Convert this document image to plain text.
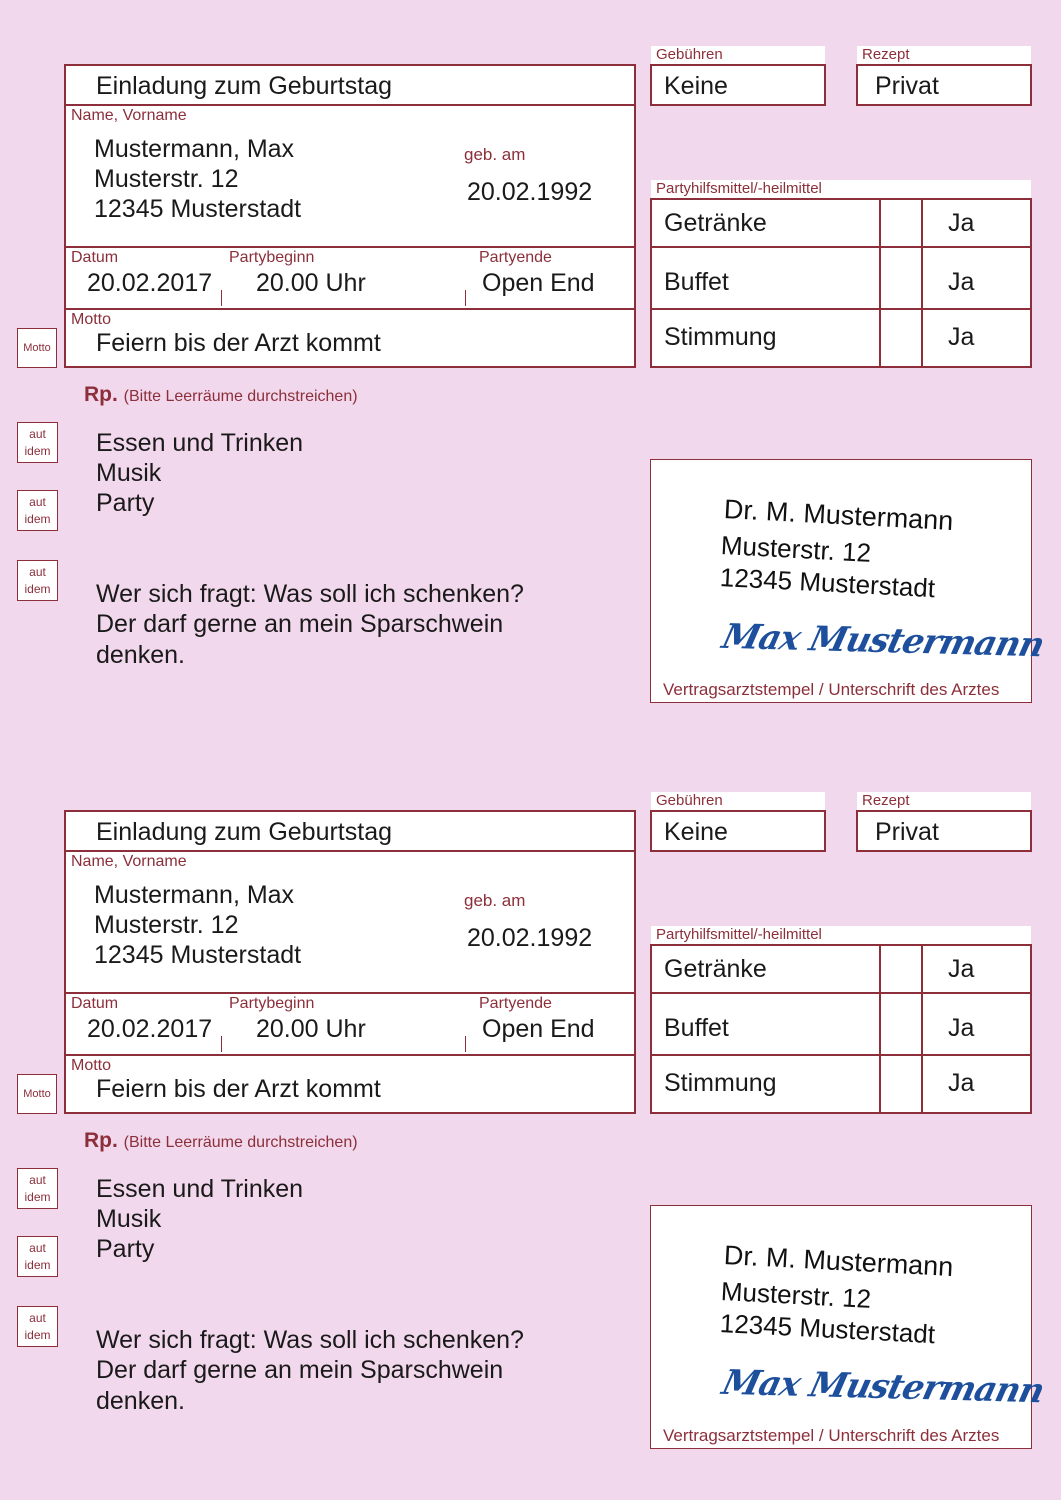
Einladung zum Geburtstag
Name, Vorname
Mustermann, Max
Musterstr. 12
12345 Musterstadt
geb. am
20.02.1992
Datum
20.02.2017
Partybeginn
20.00 Uhr
Partyende
Open End
Motto
Feiern bis der Arzt kommt
Motto
Gebühren
Keine
Rezept
Privat
Partyhilfsmittel/-heilmittel
Getränke	Ja
Buffet	Ja
Stimmung	Ja
Rp. (Bitte Leerräume durchstreichen)
aut
idem
aut
idem
aut
idem
Essen und Trinken
Musik
Party
Wer sich fragt: Was soll ich schenken?
Der darf gerne an mein Sparschwein
denken.
Dr. M. Mustermann
Musterstr. 12
12345 Musterstadt
Max Mustermann
Vertragsarztstempel / Unterschrift des Arztes
Einladung zum Geburtstag
Name, Vorname
Mustermann, Max
Musterstr. 12
12345 Musterstadt
geb. am
20.02.1992
Datum
20.02.2017
Partybeginn
20.00 Uhr
Partyende
Open End
Motto
Feiern bis der Arzt kommt
Motto
Gebühren
Keine
Rezept
Privat
Partyhilfsmittel/-heilmittel
Getränke	Ja
Buffet	Ja
Stimmung	Ja
Rp. (Bitte Leerräume durchstreichen)
aut
idem
aut
idem
aut
idem
Essen und Trinken
Musik
Party
Wer sich fragt: Was soll ich schenken?
Der darf gerne an mein Sparschwein
denken.
Dr. M. Mustermann
Musterstr. 12
12345 Musterstadt
Max Mustermann
Vertragsarztstempel / Unterschrift des Arztes
